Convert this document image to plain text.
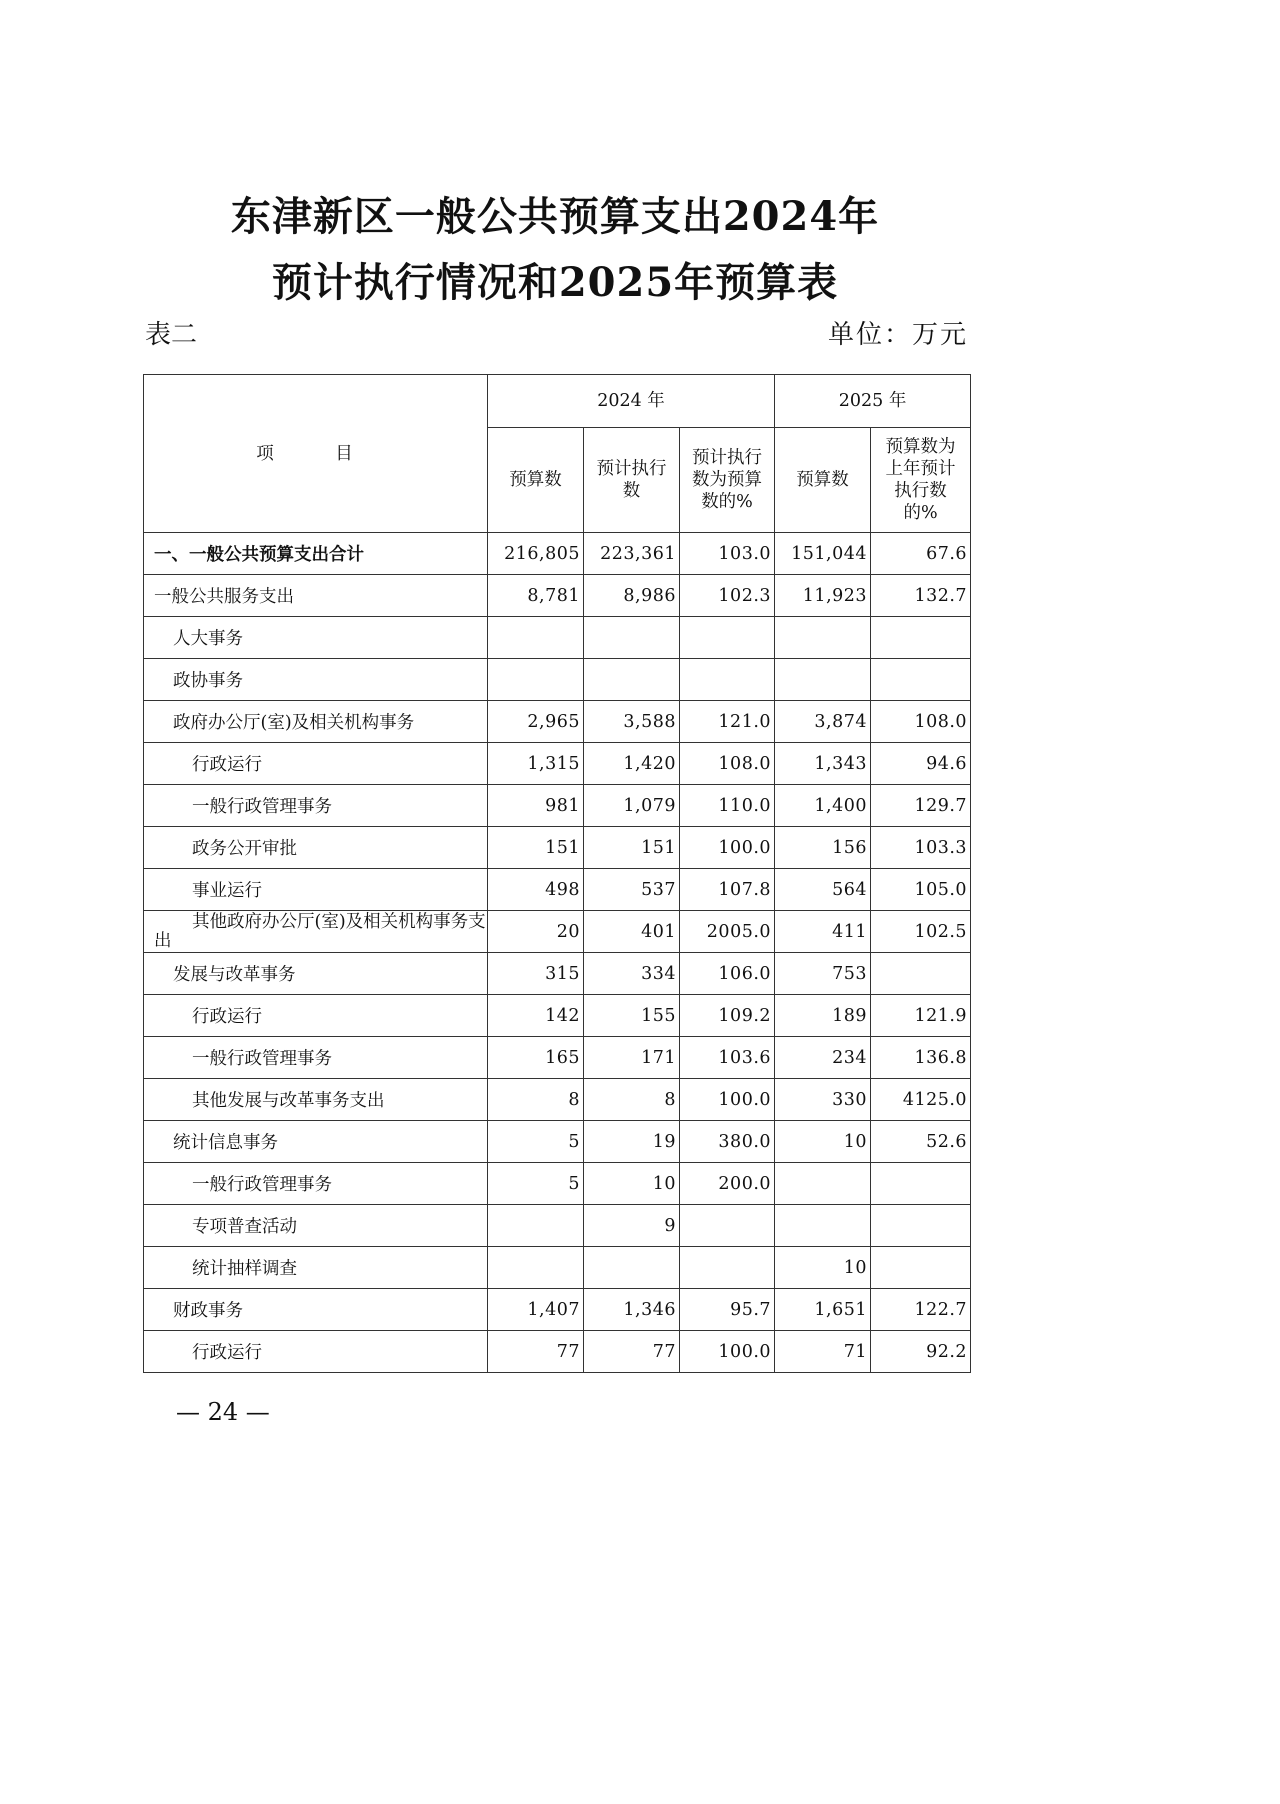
东津新区一般公共预算支出2024年
预计执行情况和2025年预算表
表二	单位：万元
项　目	2024 年			2025 年	
	预算数	预计执行数	预计执行数为预算数的%	预算数	预算数为上年预计执行数的%
一、一般公共预算支出合计	216,805	223,361	103.0	151,044	67.6
一般公共服务支出	8,781	8,986	102.3	11,923	132.7
人大事务					
政协事务					
政府办公厅(室)及相关机构事务	2,965	3,588	121.0	3,874	108.0
行政运行	1,315	1,420	108.0	1,343	94.6
一般行政管理事务	981	1,079	110.0	1,400	129.7
政务公开审批	151	151	100.0	156	103.3
事业运行	498	537	107.8	564	105.0
其他政府办公厅(室)及相关机构事务支出	20	401	2005.0	411	102.5
发展与改革事务	315	334	106.0	753	
行政运行	142	155	109.2	189	121.9
一般行政管理事务	165	171	103.6	234	136.8
其他发展与改革事务支出	8	8	100.0	330	4125.0
统计信息事务	5	19	380.0	10	52.6
一般行政管理事务	5	10	200.0		
专项普查活动		9			
统计抽样调查				10	
财政事务	1,407	1,346	95.7	1,651	122.7
行政运行	77	77	100.0	71	92.2
— 24 —
